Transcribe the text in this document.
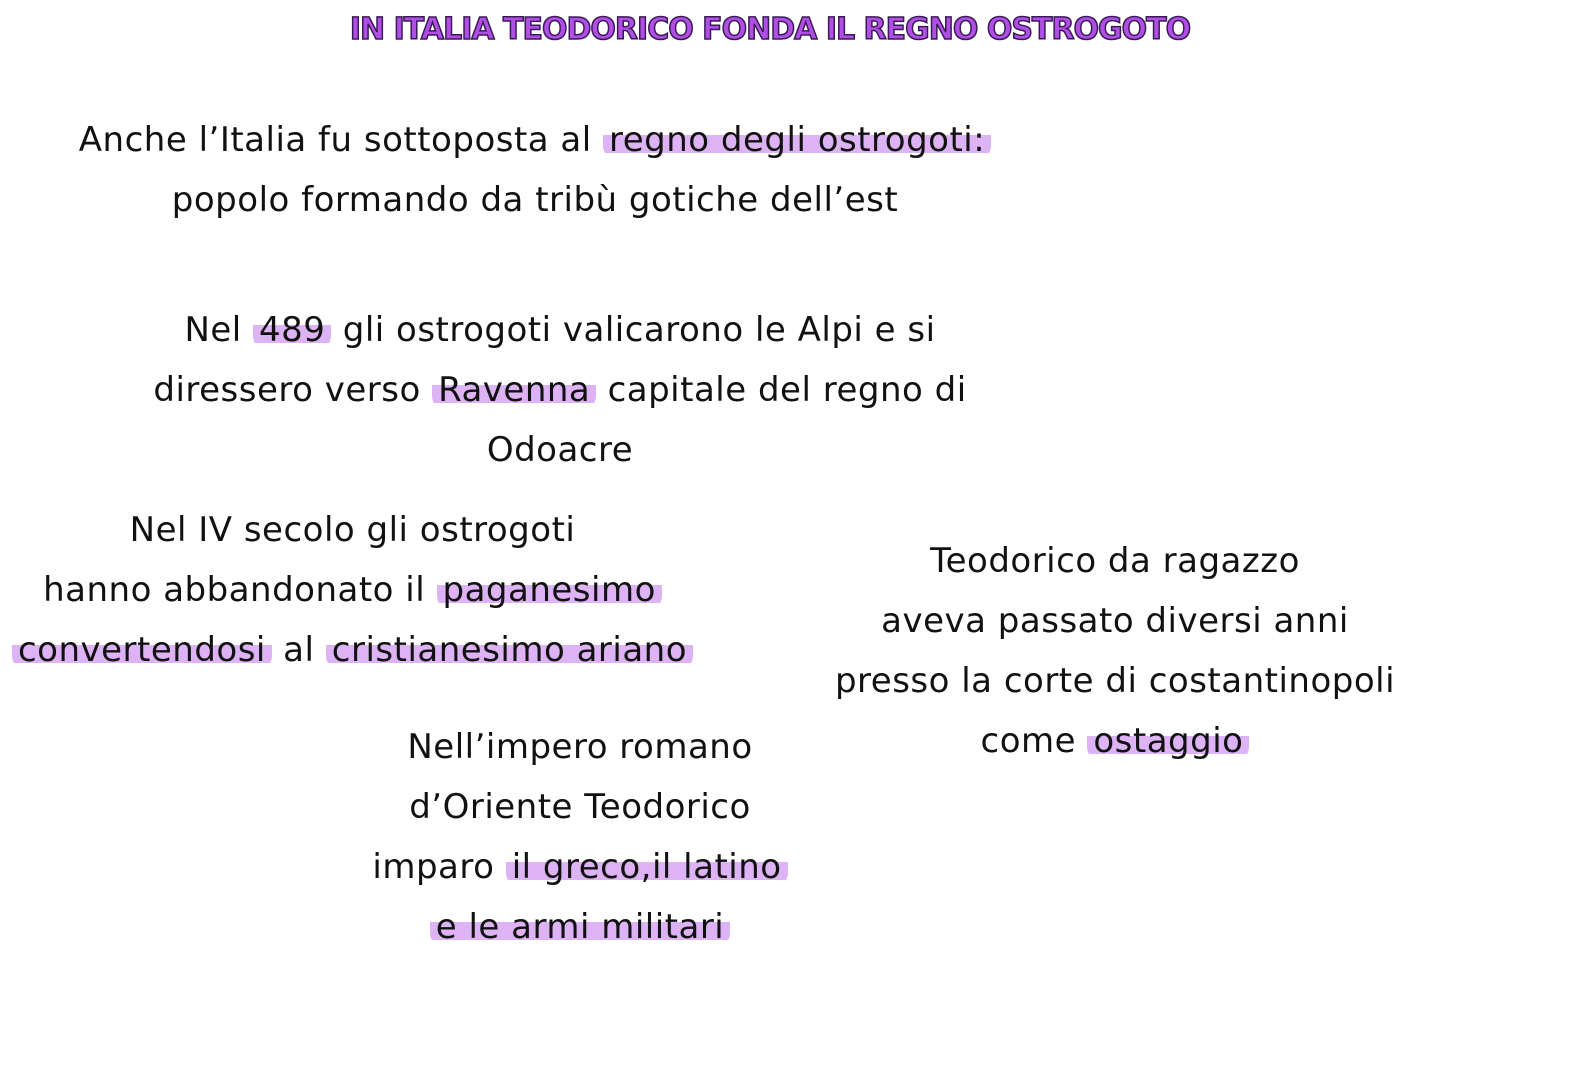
IN ITALIA TEODORICO FONDA IL REGNO OSTROGOTO
Anche l’Italia fu sottoposta al regno degli ostrogoti:
popolo formando da tribù gotiche dell’est
Nel 489 gli ostrogoti valicarono le Alpi e si
diressero verso Ravenna capitale del regno di
Odoacre
Nel IV secolo gli ostrogoti
hanno abbandonato il paganesimo
convertendosi al cristianesimo ariano
Teodorico da ragazzo
aveva passato diversi anni
presso la corte di costantinopoli
come ostaggio
Nell’impero romano
d’Oriente Teodorico
imparo il greco,il latino
e le armi militari
